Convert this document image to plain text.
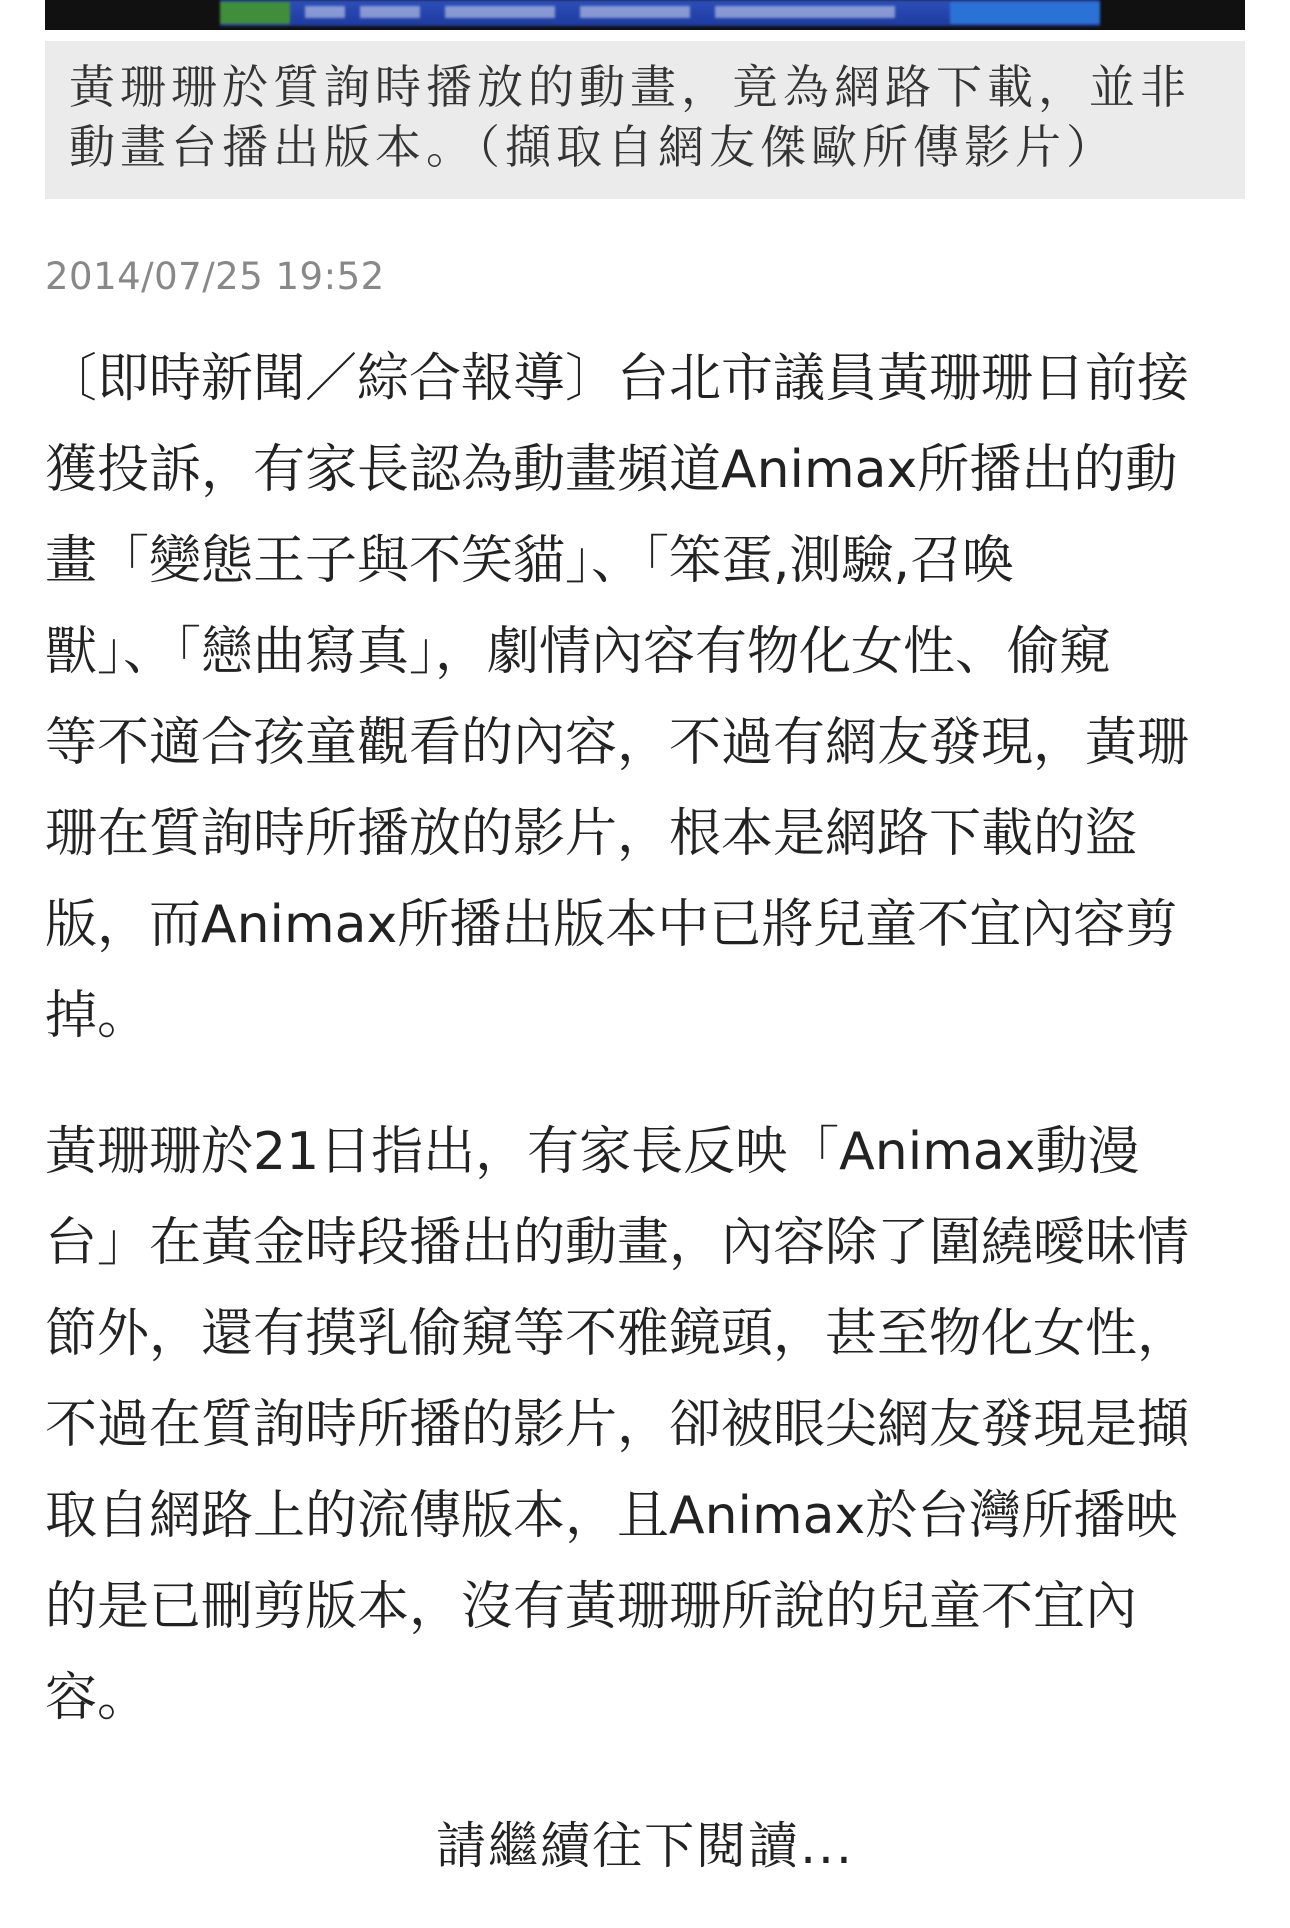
黃珊珊於質詢時播放的動畫，竟為網路下載，並非
動畫台播出版本。（擷取自網友傑歐所傳影片）
2014/07/25 19:52
〔即時新聞／綜合報導〕台北市議員黃珊珊日前接
獲投訴，有家長認為動畫頻道Animax所播出的動
畫「變態王子與不笑貓」、「笨蛋,測驗,召喚
獸」、「戀曲寫真」，劇情內容有物化女性、偷窺
等不適合孩童觀看的內容，不過有網友發現，黃珊
珊在質詢時所播放的影片，根本是網路下載的盜
版，而Animax所播出版本中已將兒童不宜內容剪
掉。
黃珊珊於21日指出，有家長反映「Animax動漫
台」在黃金時段播出的動畫，內容除了圍繞曖昧情
節外，還有摸乳偷窺等不雅鏡頭，甚至物化女性，
不過在質詢時所播的影片，卻被眼尖網友發現是擷
取自網路上的流傳版本，且Animax於台灣所播映
的是已刪剪版本，沒有黃珊珊所說的兒童不宜內
容。
請繼續往下閱讀...
